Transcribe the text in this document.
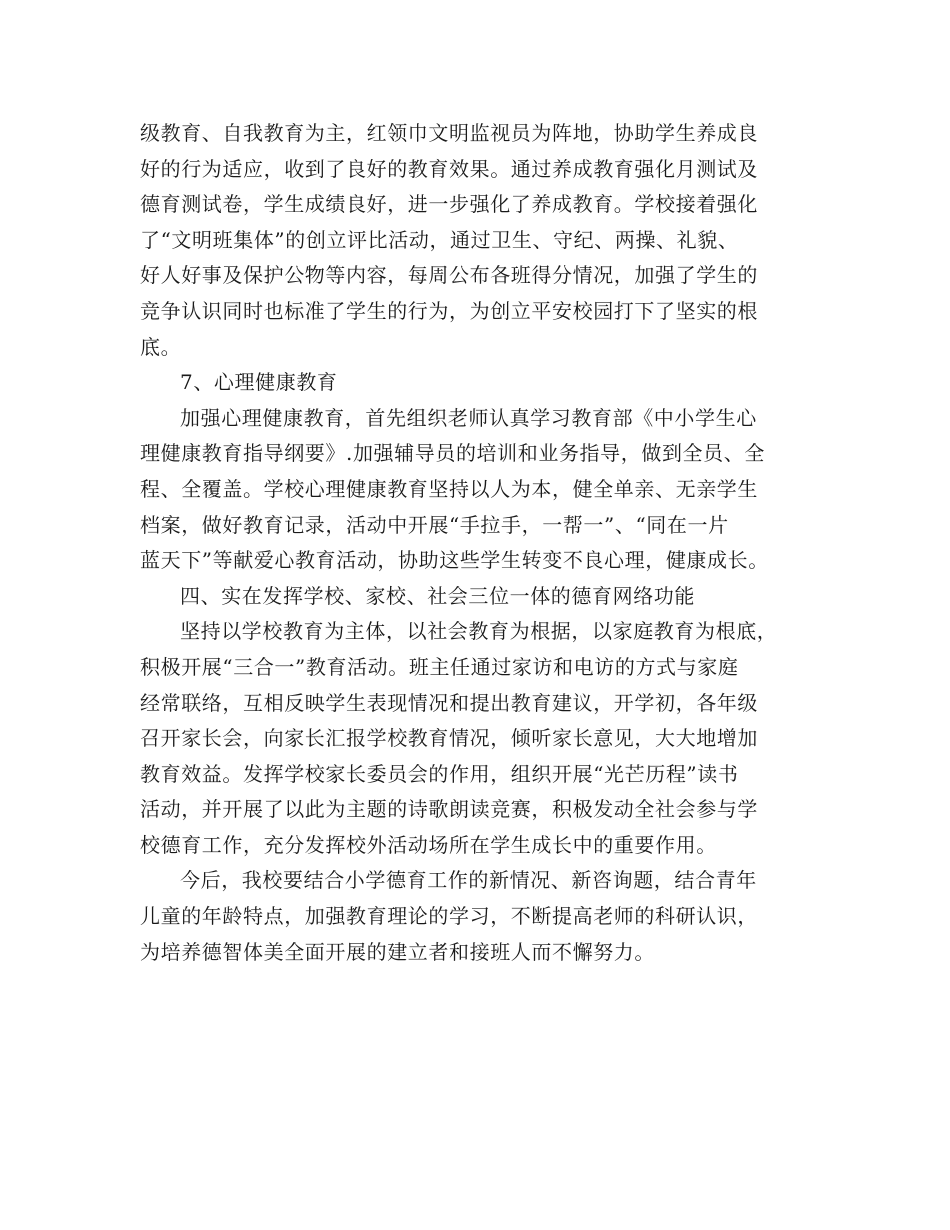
级教育、自我教育为主，红领巾文明监视员为阵地，协助学生养成良
好的行为适应，收到了良好的教育效果。通过养成教育强化月测试及
德育测试卷，学生成绩良好，进一步强化了养成教育。学校接着强化
了“文明班集体”的创立评比活动，通过卫生、守纪、两操、礼貌、
好人好事及保护公物等内容，每周公布各班得分情况，加强了学生的
竞争认识同时也标准了学生的行为，为创立平安校园打下了坚实的根
底。

7、心理健康教育

加强心理健康教育，首先组织老师认真学习教育部《中小学生心
理健康教育指导纲要》.加强辅导员的培训和业务指导，做到全员、全
程、全覆盖。学校心理健康教育坚持以人为本，健全单亲、无亲学生
档案，做好教育记录，活动中开展“手拉手，一帮一”、“同在一片
蓝天下”等献爱心教育活动，协助这些学生转变不良心理，健康成长。

四、实在发挥学校、家校、社会三位一体的德育网络功能

坚持以学校教育为主体，以社会教育为根据，以家庭教育为根底，
积极开展“三合一”教育活动。班主任通过家访和电访的方式与家庭
经常联络，互相反映学生表现情况和提出教育建议，开学初，各年级
召开家长会，向家长汇报学校教育情况，倾听家长意见，大大地增加
教育效益。发挥学校家长委员会的作用，组织开展“光芒历程”读书
活动，并开展了以此为主题的诗歌朗读竞赛，积极发动全社会参与学
校德育工作，充分发挥校外活动场所在学生成长中的重要作用。

今后，我校要结合小学德育工作的新情况、新咨询题，结合青年
儿童的年龄特点，加强教育理论的学习，不断提高老师的科研认识，
为培养德智体美全面开展的建立者和接班人而不懈努力。
